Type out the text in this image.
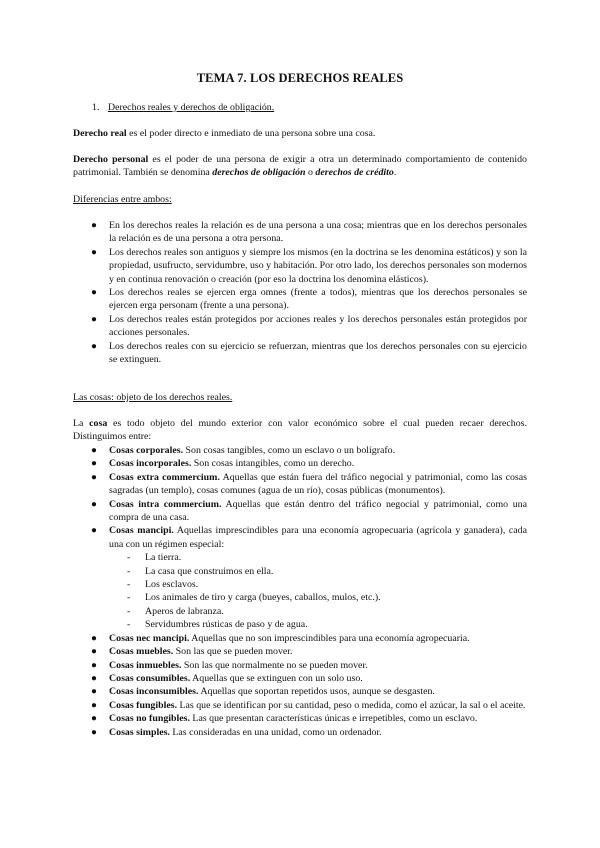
TEMA 7. LOS DERECHOS REALES
1. Derechos reales y derechos de obligación.
Derecho real es el poder directo e inmediato de una persona sobre una cosa.
Derecho personal es el poder de una persona de exigir a otra un determinado comportamiento de contenido patrimonial. También se denomina derechos de obligación o derechos de crédito.
Diferencias entre ambos:
● En los derechos reales la relación es de una persona a una cosa; mientras que en los derechos personales la relación es de una persona a otra persona.
● Los derechos reales son antiguos y siempre los mismos (en la doctrina se les denomina estáticos) y son la propiedad, usufructo, servidumbre, uso y habitación. Por otro lado, los derechos personales son modernos y en continua renovación o creación (por eso la doctrina los denomina elásticos).
● Los derechos reales se ejercen erga omnes (frente a todos), mientras que los derechos personales se ejercen erga personam (frente a una persona).
● Los derechos reales están protegidos por acciones reales y los derechos personales están protegidos por acciones personales.
● Los derechos reales con su ejercicio se refuerzan, mientras que los derechos personales con su ejercicio se extinguen.
Las cosas: objeto de los derechos reales.
La cosa es todo objeto del mundo exterior con valor económico sobre el cual pueden recaer derechos. Distinguimos entre:
● Cosas corporales. Son cosas tangibles, como un esclavo o un bolígrafo.
● Cosas incorporales. Son cosas intangibles, como un derecho.
● Cosas extra commercium. Aquellas que están fuera del tráfico negocial y patrimonial, como las cosas sagradas (un templo), cosas comunes (agua de un río), cosas públicas (monumentos).
● Cosas intra commercium. Aquellas que están dentro del tráfico negocial y patrimonial, como una compra de una casa.
● Cosas mancipi. Aquellas imprescindibles para una economía agropecuaria (agrícola y ganadera), cada una con un régimen especial:
- La tierra.
- La casa que construimos en ella.
- Los esclavos.
- Los animales de tiro y carga (bueyes, caballos, mulos, etc.).
- Aperos de labranza.
- Servidumbres rústicas de paso y de agua.
● Cosas nec mancipi. Aquellas que no son imprescindibles para una economía agropecuaria.
● Cosas muebles. Son las que se pueden mover.
● Cosas inmuebles. Son las que normalmente no se pueden mover.
● Cosas consumibles. Aquellas que se extinguen con un solo uso.
● Cosas inconsumibles. Aquellas que soportan repetidos usos, aunque se desgasten.
● Cosas fungibles. Las que se identifican por su cantidad, peso o medida, como el azúcar, la sal o el aceite.
● Cosas no fungibles. Las que presentan características únicas e irrepetibles, como un esclavo.
● Cosas simples. Las consideradas en una unidad, como un ordenador.
